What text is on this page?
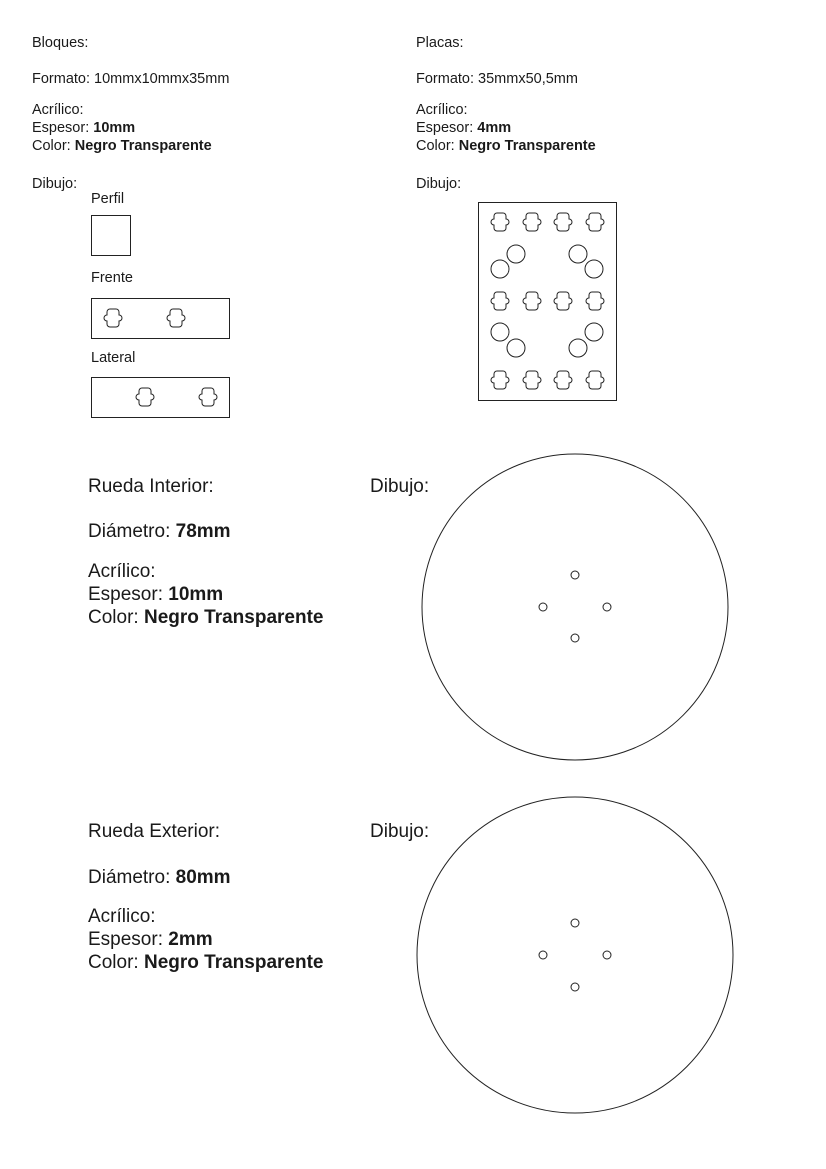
Bloques:
Formato: 10mmx10mmx35mm
Acrílico:
Espesor: 10mm
Color: Negro Transparente
Dibujo:
Perfil
Frente
Lateral
Placas:
Formato: 35mmx50,5mm
Acrílico:
Espesor: 4mm
Color: Negro Transparente
Dibujo:
Rueda Interior:
Diámetro: 78mm
Acrílico:
Espesor: 10mm
Color: Negro Transparente
Dibujo:
Rueda Exterior:
Diámetro: 80mm
Acrílico:
Espesor: 2mm
Color: Negro Transparente
Dibujo:
